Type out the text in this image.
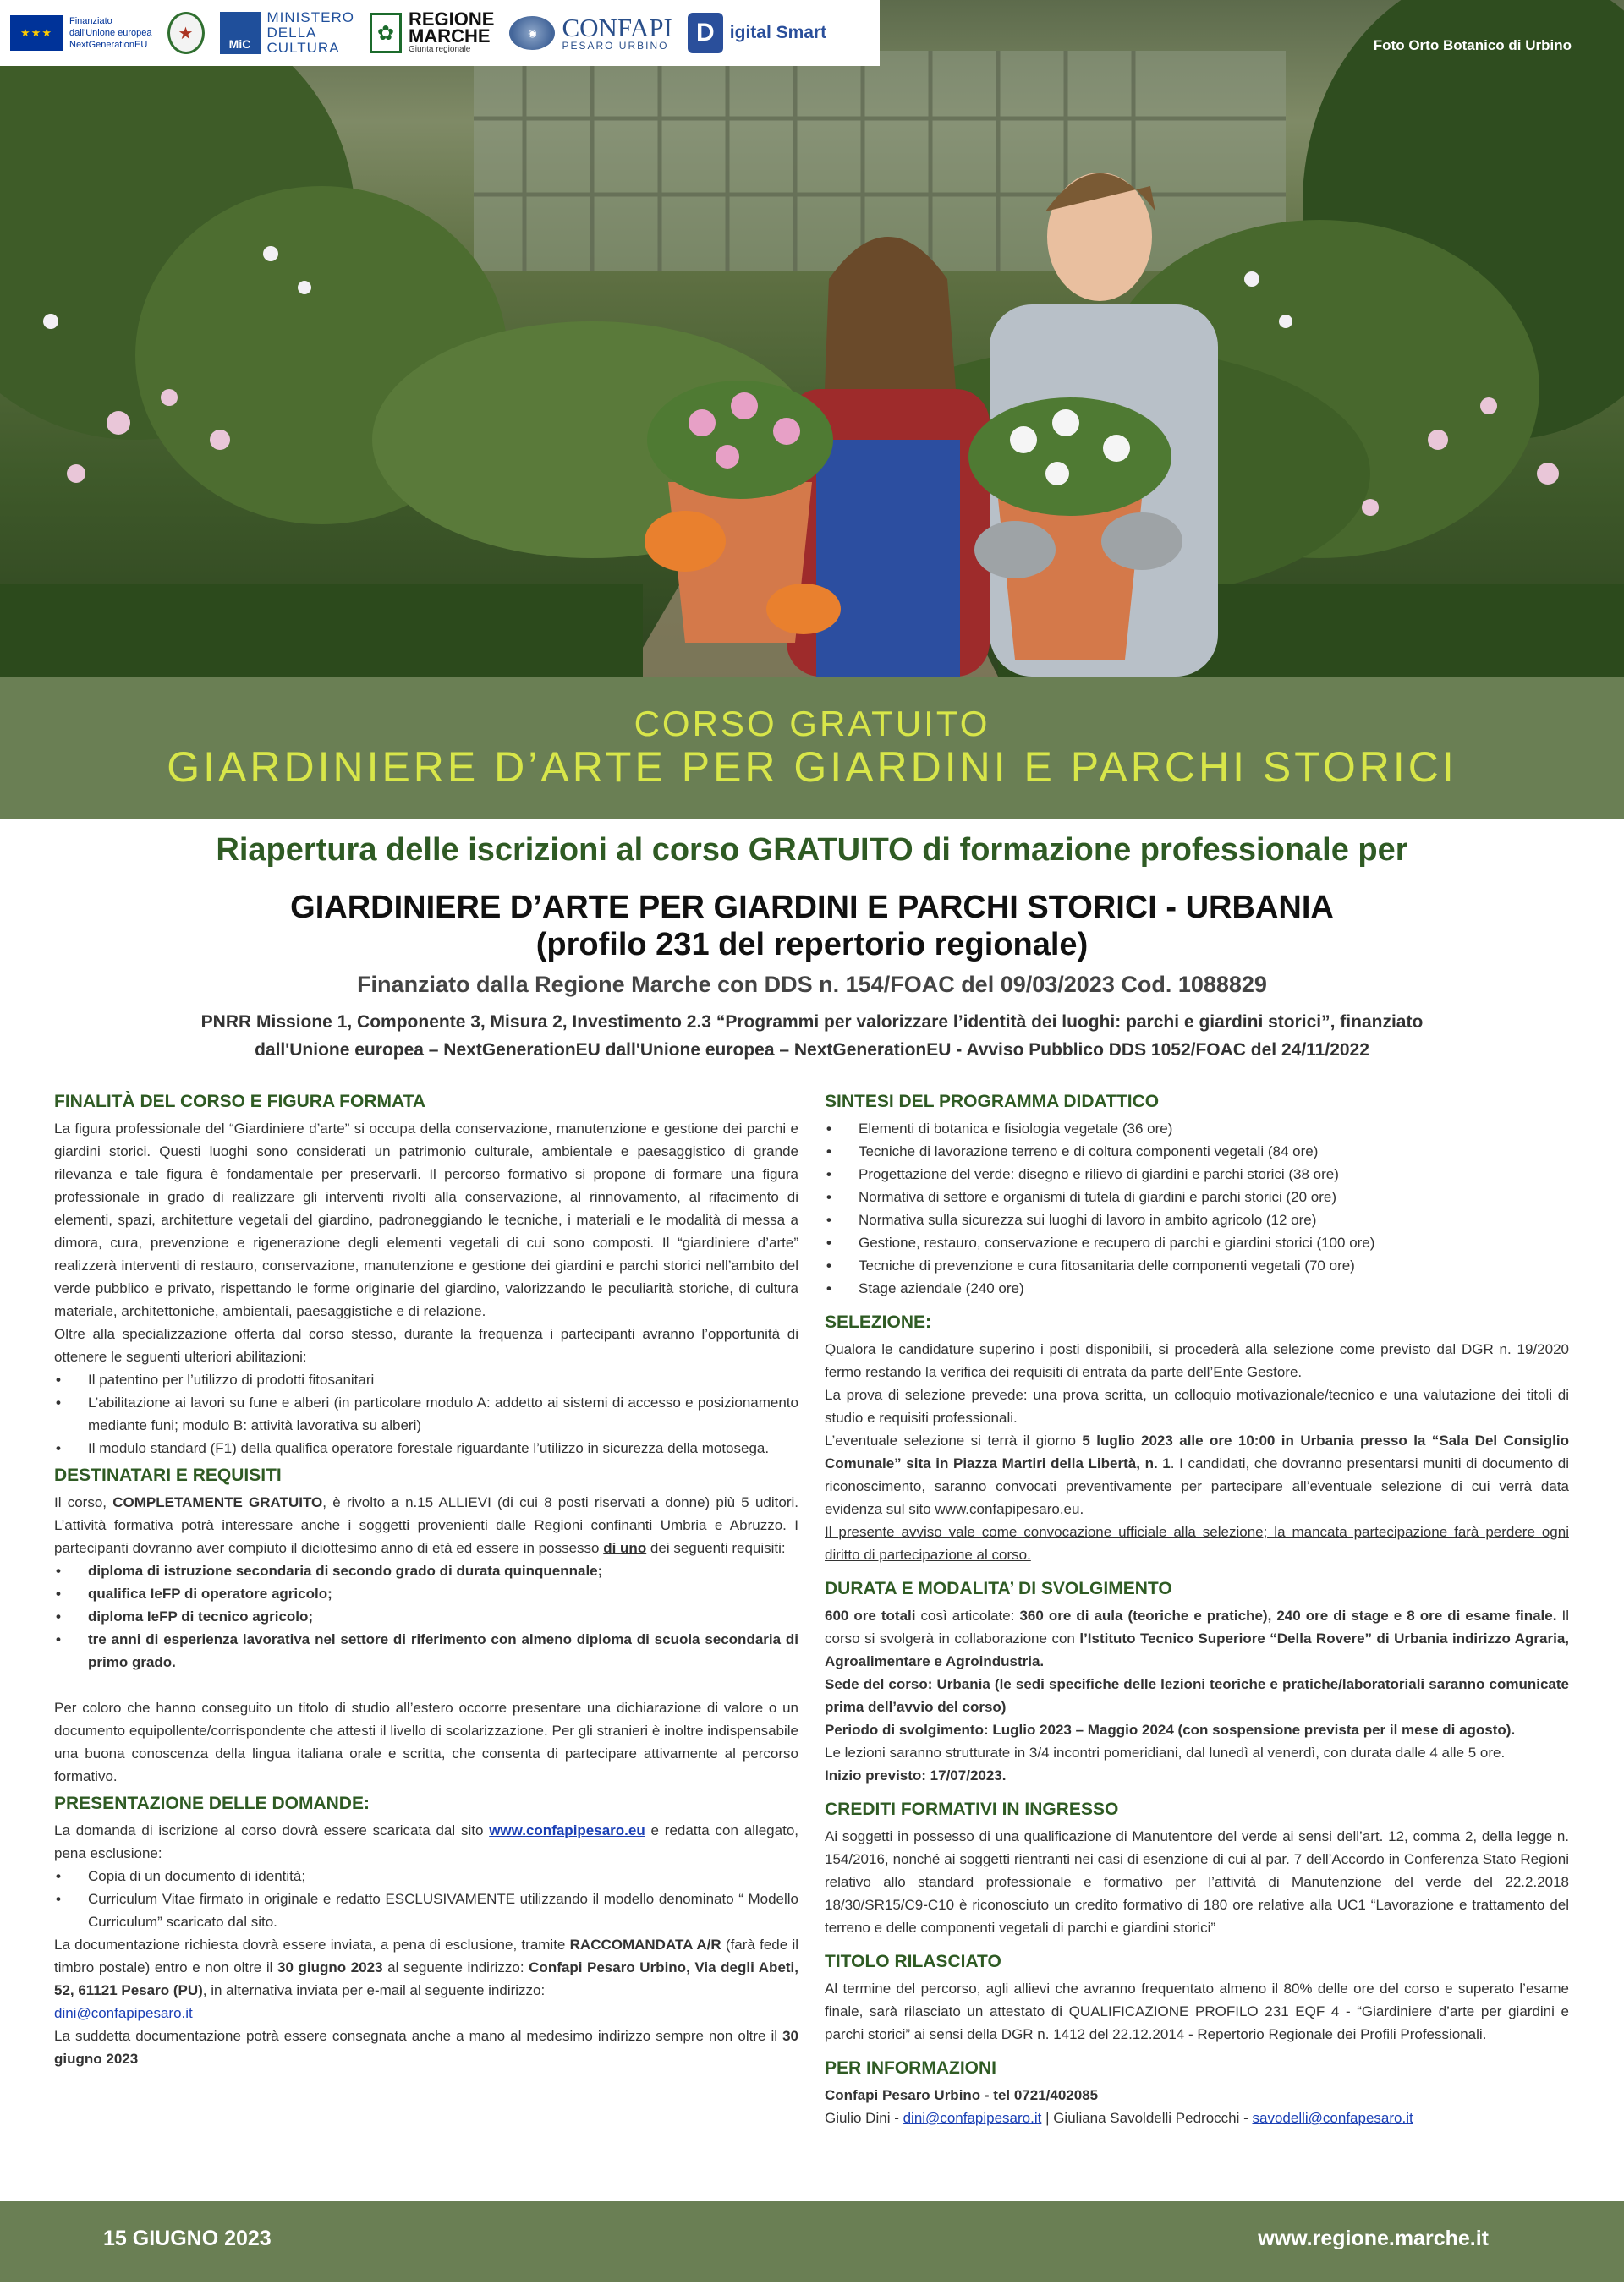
★★★
Finanziato
dall'Unione europea
NextGenerationEU
★
MiC
MINISTERO
DELLA
CULTURA
✿
REGIONE
MARCHE
Giunta regionale
◉ CONFAPI
PESARO URBINO	D igital Smart
Foto Orto Botanico di Urbino
CORSO GRATUITO
GIARDINIERE D’ARTE PER GIARDINI E PARCHI STORICI
Riapertura delle iscrizioni al corso GRATUITO di formazione professionale per
GIARDINIERE D’ARTE PER GIARDINI E PARCHI STORICI - URBANIA
(profilo 231 del repertorio regionale)
Finanziato dalla Regione Marche con DDS n. 154/FOAC del 09/03/2023 Cod. 1088829
PNRR Missione 1, Componente 3, Misura 2, Investimento 2.3 “Programmi per valorizzare l’identità dei luoghi: parchi e giardini storici”, finanziato
dall'Unione europea – NextGenerationEU dall'Unione europea – NextGenerationEU - Avviso Pubblico DDS 1052/FOAC del 24/11/2022
FINALITÀ DEL CORSO E FIGURA FORMATA

La figura professionale del “Giardiniere d’arte” si occupa della conservazione, manutenzione e gestione dei parchi e giardini storici. Questi luoghi sono considerati un patrimonio culturale, ambientale e paesaggistico di grande rilevanza e tale figura è fondamentale per preservarli. Il percorso formativo si propone di formare una figura professionale in grado di realizzare gli interventi rivolti alla conservazione, al rinnovamento, al rifacimento di elementi, spazi, architetture vegetali del giardino, padroneggiando le tecniche, i materiali e le modalità di messa a dimora, cura, prevenzione e rigenerazione degli elementi vegetali di cui sono composti. Il “giardiniere d’arte” realizzerà interventi di restauro, conservazione, manutenzione e gestione dei giardini e parchi storici nell’ambito del verde pubblico e privato, rispettando le forme originarie del giardino, valorizzando le peculiarità storiche, di cultura materiale, architettoniche, ambientali, paesaggistiche e di relazione.

Oltre alla specializzazione offerta dal corso stesso, durante la frequenza i partecipanti avranno l’opportunità di ottenere le seguenti ulteriori abilitazioni:

• Il patentino per l’utilizzo di prodotti fitosanitari
• L’abilitazione ai lavori su fune e alberi (in particolare modulo A: addetto ai sistemi di accesso e posizionamento mediante funi; modulo B: attività lavorativa su alberi)
• Il modulo standard (F1) della qualifica operatore forestale riguardante l’utilizzo in sicurezza della motosega.
DESTINATARI E REQUISITI

Il corso, COMPLETAMENTE GRATUITO, è rivolto a n.15 ALLIEVI (di cui 8 posti riservati a donne) più 5 uditori. L’attività formativa potrà interessare anche i soggetti provenienti dalle Regioni confinanti Umbria e Abruzzo. I partecipanti dovranno aver compiuto il diciottesimo anno di età ed essere in possesso di uno dei seguenti requisiti:

• diploma di istruzione secondaria di secondo grado di durata quinquennale;
• qualifica IeFP di operatore agricolo;
• diploma IeFP di tecnico agricolo;
• tre anni di esperienza lavorativa nel settore di riferimento con almeno diploma di scuola secondaria di primo grado.

Per coloro che hanno conseguito un titolo di studio all’estero occorre presentare una dichiarazione di valore o un documento equipollente/corrispondente che attesti il livello di scolarizzazione. Per gli stranieri è inoltre indispensabile una buona conoscenza della lingua italiana orale e scritta, che consenta di partecipare attivamente al percorso formativo.

PRESENTAZIONE DELLE DOMANDE:

La domanda di iscrizione al corso dovrà essere scaricata dal sito www.confapipesaro.eu e redatta con allegato, pena esclusione:

• Copia di un documento di identità;
• Curriculum Vitae firmato in originale e redatto ESCLUSIVAMENTE utilizzando il modello denominato “ Modello Curriculum” scaricato dal sito.

La documentazione richiesta dovrà essere inviata, a pena di esclusione, tramite RACCOMANDATA A/R (farà fede il timbro postale) entro e non oltre il 30 giugno 2023 al seguente indirizzo: Confapi Pesaro Urbino, Via degli Abeti, 52, 61121 Pesaro (PU), in alternativa inviata per e-mail al seguente indirizzo:

dini@confapipesaro.it

La suddetta documentazione potrà essere consegnata anche a mano al medesimo indirizzo sempre non oltre il 30 giugno 2023

SINTESI DEL PROGRAMMA DIDATTICO
• Elementi di botanica e fisiologia vegetale (36 ore)
• Tecniche di lavorazione terreno e di coltura componenti vegetali (84 ore)
• Progettazione del verde: disegno e rilievo di giardini e parchi storici (38 ore)
• Normativa di settore e organismi di tutela di giardini e parchi storici (20 ore)
• Normativa sulla sicurezza sui luoghi di lavoro in ambito agricolo (12 ore)
• Gestione, restauro, conservazione e recupero di parchi e giardini storici (100 ore)
• Tecniche di prevenzione e cura fitosanitaria delle componenti vegetali (70 ore)
• Stage aziendale (240 ore)
SELEZIONE:

Qualora le candidature superino i posti disponibili, si procederà alla selezione come previsto dal DGR n. 19/2020 fermo restando la verifica dei requisiti di entrata da parte dell’Ente Gestore.

La prova di selezione prevede: una prova scritta, un colloquio motivazionale/tecnico e una valutazione dei titoli di studio e requisiti professionali.

L’eventuale selezione si terrà il giorno 5 luglio 2023 alle ore 10:00 in Urbania presso la “Sala Del Consiglio Comunale” sita in Piazza Martiri della Libertà, n. 1. I candidati, che dovranno presentarsi muniti di documento di riconoscimento, saranno convocati preventivamente per partecipare all’eventuale selezione di cui verrà data evidenza sul sito www.confapipesaro.eu.

Il presente avviso vale come convocazione ufficiale alla selezione; la mancata partecipazione farà perdere ogni diritto di partecipazione al corso.

DURATA E MODALITA’ DI SVOLGIMENTO

600 ore totali così articolate: 360 ore di aula (teoriche e pratiche), 240 ore di stage e 8 ore di esame finale. Il corso si svolgerà in collaborazione con l’Istituto Tecnico Superiore “Della Rovere” di Urbania indirizzo Agraria, Agroalimentare e Agroindustria.

Sede del corso: Urbania (le sedi specifiche delle lezioni teoriche e pratiche/laboratoriali saranno comunicate prima dell’avvio del corso)

Periodo di svolgimento: Luglio 2023 – Maggio 2024 (con sospensione prevista per il mese di agosto).

Le lezioni saranno strutturate in 3/4 incontri pomeridiani, dal lunedì al venerdì, con durata dalle 4 alle 5 ore.

Inizio previsto: 17/07/2023.

CREDITI FORMATIVI IN INGRESSO

Ai soggetti in possesso di una qualificazione di Manutentore del verde ai sensi dell’art. 12, comma 2, della legge n. 154/2016, nonché ai soggetti rientranti nei casi di esenzione di cui al par. 7 dell’Accordo in Conferenza Stato Regioni relativo allo standard professionale e formativo per l’attività di Manutenzione del verde del 22.2.2018 18/30/SR15/C9-C10 è riconosciuto un credito formativo di 180 ore relative alla UC1 “Lavorazione e trattamento del terreno e delle componenti vegetali di parchi e giardini storici”

TITOLO RILASCIATO

Al termine del percorso, agli allievi che avranno frequentato almeno il 80% delle ore del corso e superato l’esame finale, sarà rilasciato un attestato di QUALIFICAZIONE PROFILO 231 EQF 4 - “Giardiniere d’arte per giardini e parchi storici” ai sensi della DGR n. 1412 del 22.12.2014 - Repertorio Regionale dei Profili Professionali.

PER INFORMAZIONI

Confapi Pesaro Urbino - tel 0721/402085

Giulio Dini - dini@confapipesaro.it | Giuliana Savoldelli Pedrocchi - savodelli@confapesaro.it

15 GIUGNO 2023	www.regione.marche.it
